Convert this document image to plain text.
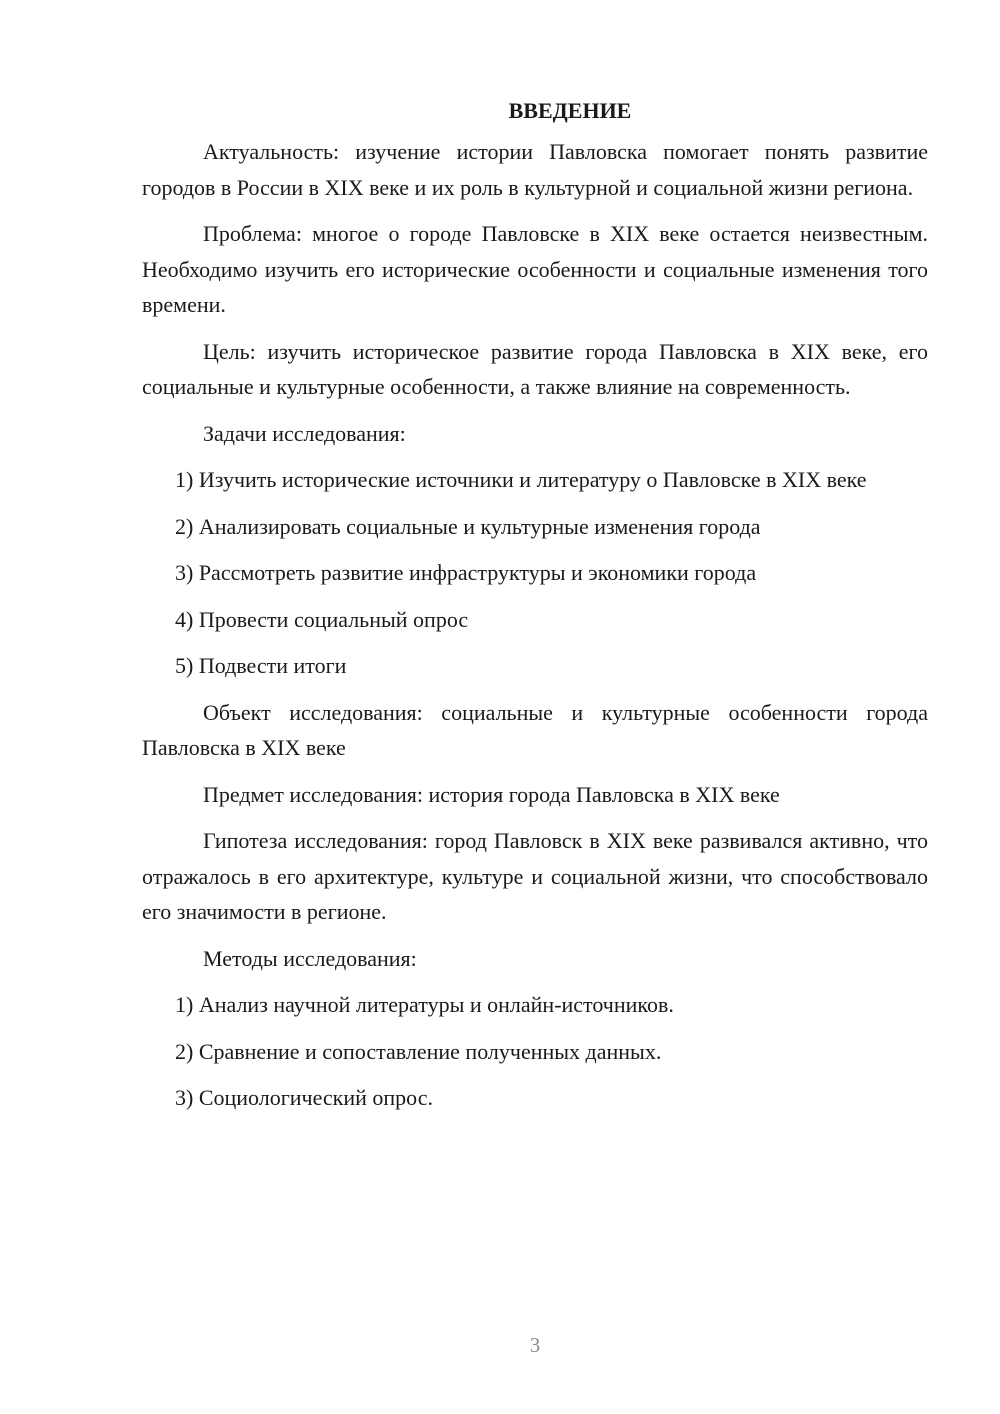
ВВЕДЕНИЕ

Актуальность: изучение истории Павловска помогает понять развитие городов в России в XIX веке и их роль в культурной и социальной жизни региона.

Проблема: многое о городе Павловске в XIX веке остается неизвестным. Необходимо изучить его исторические особенности и социальные изменения того времени.

Цель: изучить историческое развитие города Павловска в XIX веке, его социальные и культурные особенности, а также влияние на современность.

Задачи исследования:

1) Изучить исторические источники и литературу о Павловске в XIX веке

2) Анализировать социальные и культурные изменения города

3) Рассмотреть развитие инфраструктуры и экономики города

4) Провести социальный опрос

5) Подвести итоги

Объект исследования: социальные и культурные особенности города Павловска в XIX веке

Предмет исследования: история города Павловска в XIX веке

Гипотеза исследования: город Павловск в XIX веке развивался активно, что отражалось в его архитектуре, культуре и социальной жизни, что способствовало его значимости в регионе.

Методы исследования:

1) Анализ научной литературы и онлайн-источников.

2) Сравнение и сопоставление полученных данных.

3) Социологический опрос.

3
